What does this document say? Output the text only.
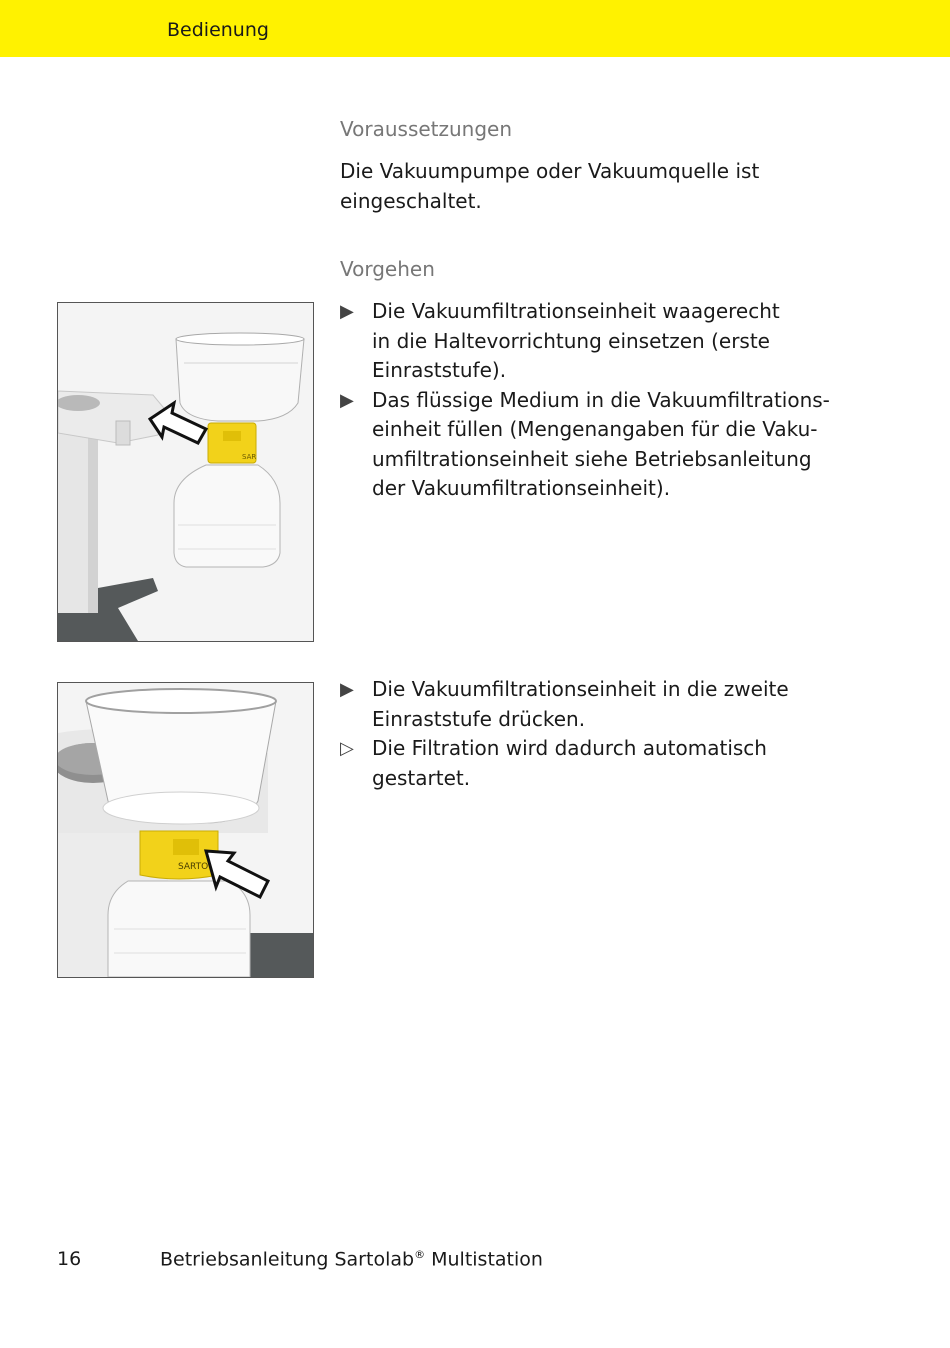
Bedienung
Voraussetzungen
Die Vakuumpumpe oder Vakuumquelle ist
eingeschaltet.
Vorgehen
▶ Die Vakuumfiltrationseinheit waagerecht
in die Haltevorrichtung einsetzen (erste
Einraststufe).
▶ Das flüssige Medium in die Vakuumfiltrations-
einheit füllen (Mengenangaben für die Vaku-
umfiltrationseinheit siehe Betriebsanleitung
der Vakuumfiltrationseinheit).
▶ Die Vakuumfiltrationseinheit in die zweite
Einraststufe drücken.
▷ Die Filtration wird dadurch automatisch
gestartet.
SAR
SARTO
16	Betriebsanleitung Sartolab® Multistation
